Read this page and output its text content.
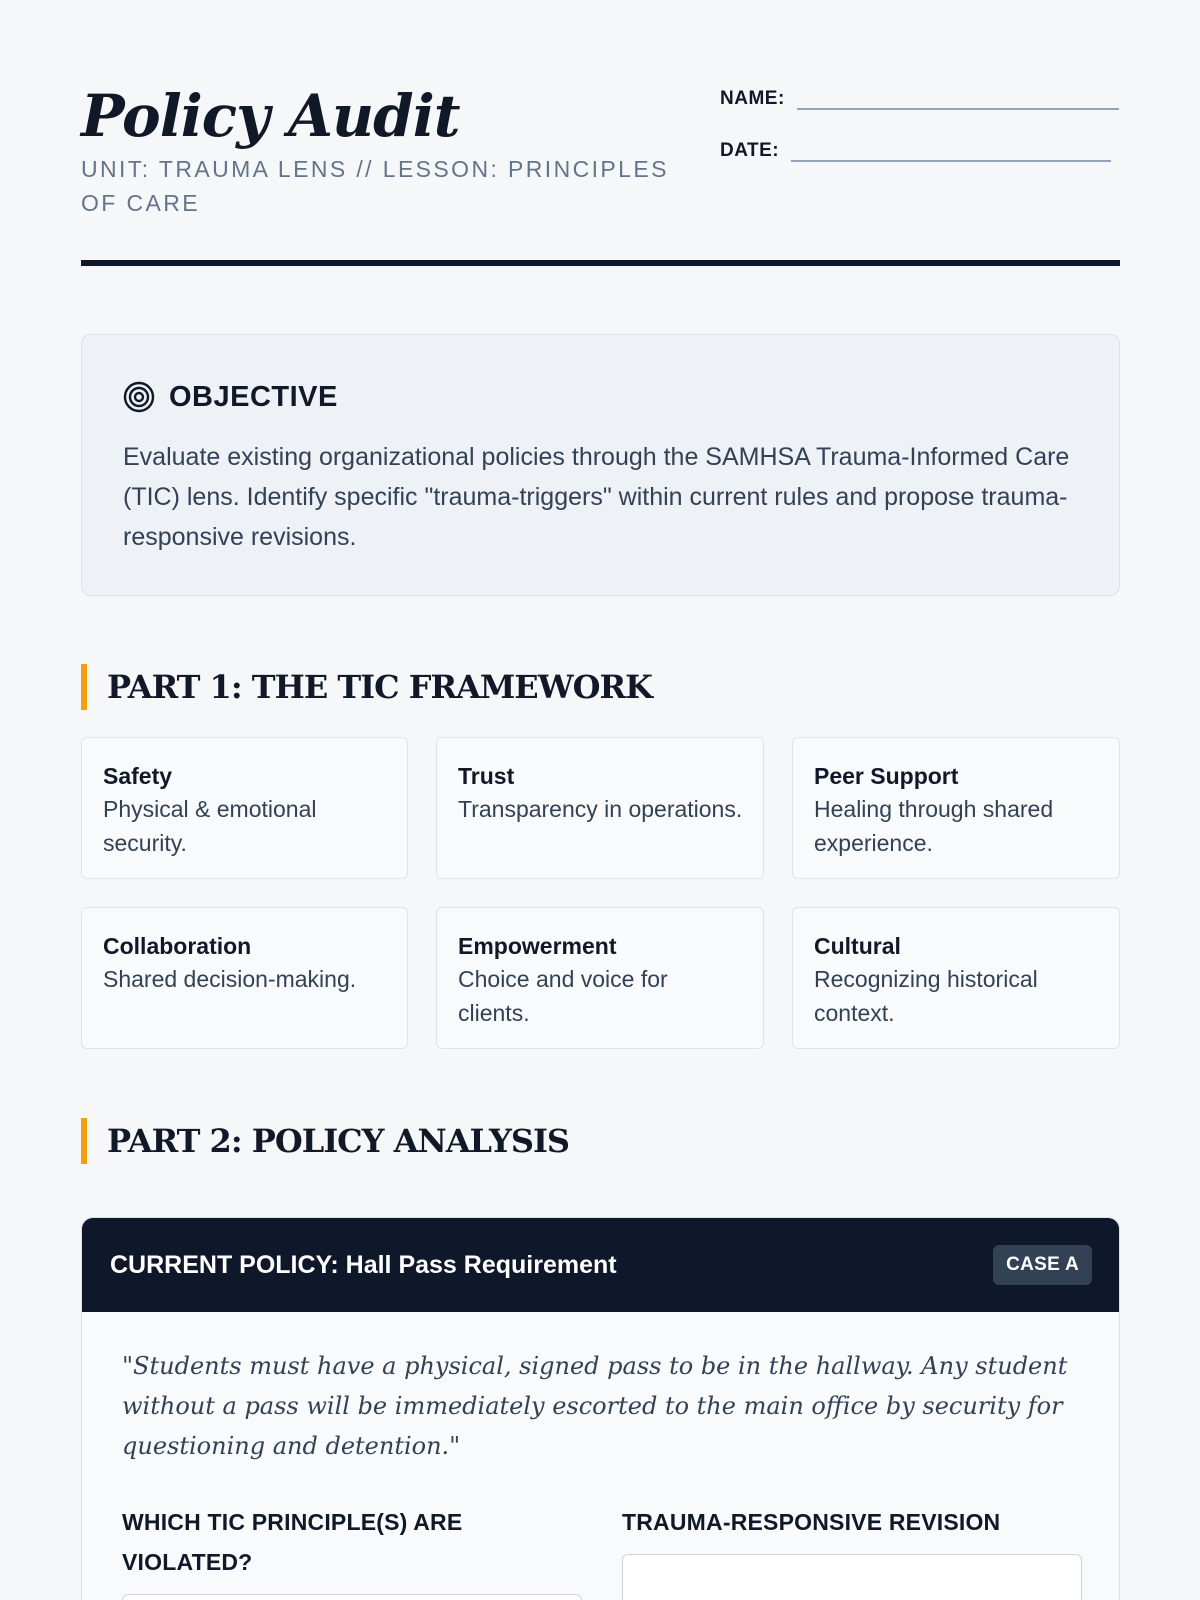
Policy Audit
UNIT: TRAUMA LENS // LESSON: PRINCIPLES OF CARE
NAME:
DATE:
OBJECTIVE

Evaluate existing organizational policies through the SAMHSA Trauma-Informed Care (TIC) lens. Identify specific "trauma-triggers" within current rules and propose trauma-responsive revisions.

PART 1: THE TIC FRAMEWORK
Safety
Physical & emotional security.
Trust
Transparency in operations.
Peer Support
Healing through shared experience.
Collaboration
Shared decision-making.
Empowerment
Choice and voice for clients.
Cultural
Recognizing historical context.
PART 2: POLICY ANALYSIS
CURRENT POLICY: Hall Pass Requirement	CASE A

"Students must have a physical, signed pass to be in the hallway. Any student without a pass will be immediately escorted to the main office by security for questioning and detention."

WHICH TIC PRINCIPLE(S) ARE VIOLATED?
TRAUMA-RESPONSIVE REVISION
